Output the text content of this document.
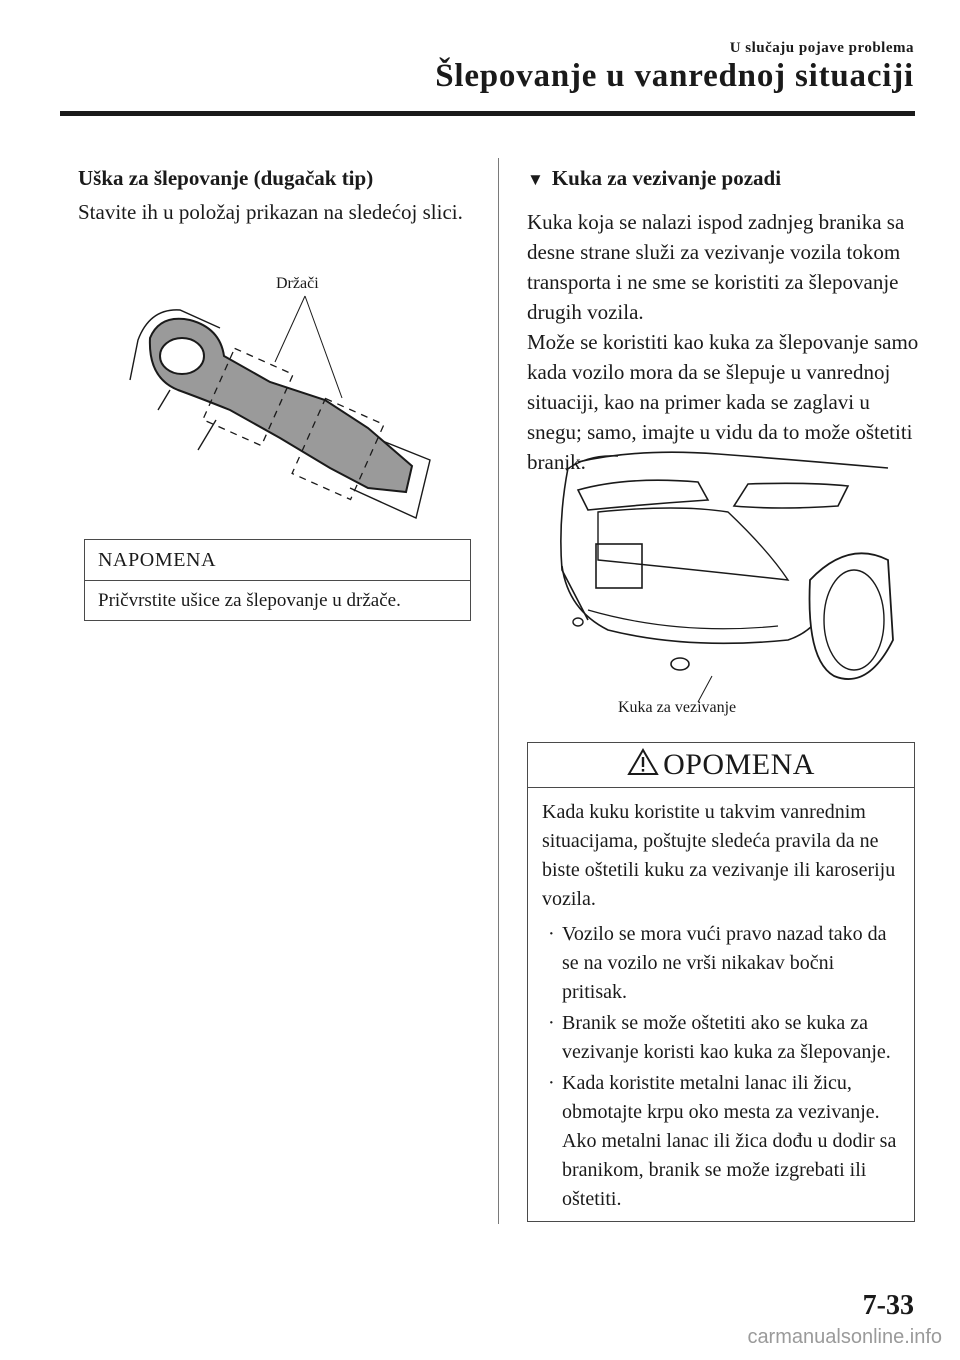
U slučaju pojave problema
Šlepovanje u vanrednoj situaciji

Uška za šlepovanje (dugačak tip)

Stavite ih u položaj prikazan na sledećoj slici.

Držači
NAPOMENA
Pričvrstite ušice za šlepovanje u držače.

▼ Kuka za vezivanje pozadi

Kuka koja se nalazi ispod zadnjeg branika sa desne strane služi za vezivanje vozila tokom transporta i ne sme se koristiti za šlepovanje drugih vozila.

Može se koristiti kao kuka za šlepovanje samo kada vozilo mora da se šlepuje u vanrednoj situaciji, kao na primer kada se zaglavi u snegu; samo, imajte u vidu da to može oštetiti branik.

Kuka za vezivanje
OPOMENA
Kada kuku koristite u takvim vanrednim situacijama, poštujte sledeća pravila da ne biste oštetili kuku za vezivanje ili karoseriju vozila.
· Vozilo se mora vući pravo nazad tako da se na vozilo ne vrši nikakav bočni pritisak.
· Branik se može oštetiti ako se kuka za vezivanje koristi kao kuka za šlepovanje.
· Kada koristite metalni lanac ili žicu, obmotajte krpu oko mesta za vezivanje. Ako metalni lanac ili žica dođu u dodir sa branikom, branik se može izgrebati ili oštetiti.
7-33
carmanualsonline.info
